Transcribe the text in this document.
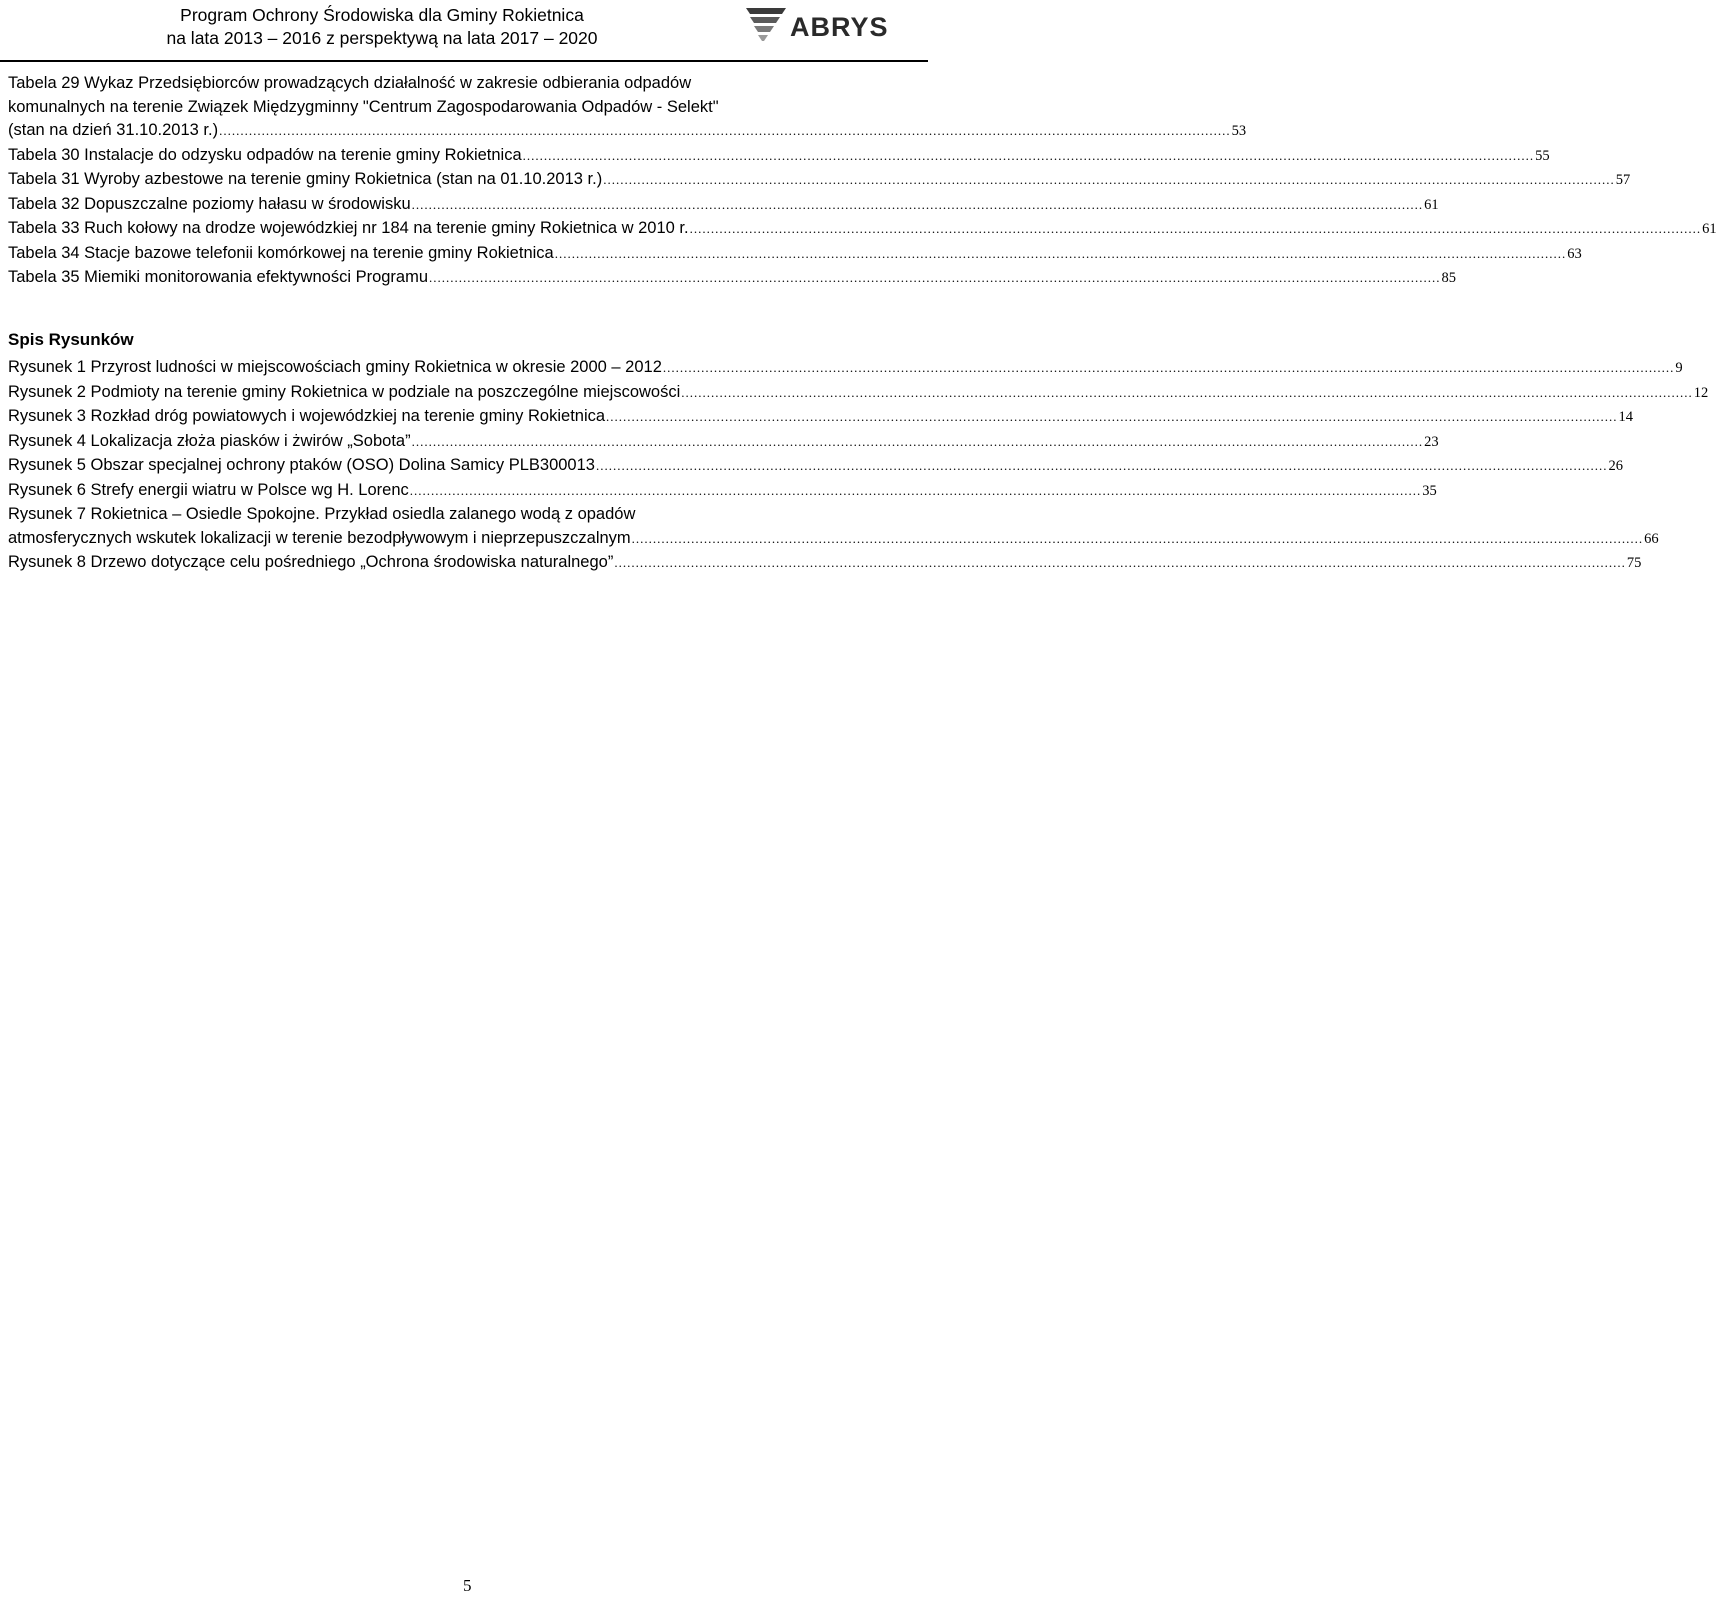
Program Ochrony Środowiska dla Gminy Rokietnica
na lata 2013 – 2016 z perspektywą na lata 2017 – 2020	ABRYS
Tabela 29 Wykaz Przedsiębiorców prowadzących działalność w zakresie odbierania odpadów
komunalnych na terenie Związek Międzygminny "Centrum Zagospodarowania Odpadów - Selekt"
(stan na dzień 31.10.2013 r.) .............................................................................................................................................................................................................................................. 53
Tabela 30 Instalacje do odzysku odpadów na terenie gminy Rokietnica .............................................................................................................................................................................................................................................. 55
Tabela 31 Wyroby azbestowe na terenie gminy Rokietnica (stan na 01.10.2013 r.) .............................................................................................................................................................................................................................................. 57
Tabela 32 Dopuszczalne poziomy hałasu w środowisku .............................................................................................................................................................................................................................................. 61
Tabela 33 Ruch kołowy na drodze wojewódzkiej nr 184 na terenie gminy Rokietnica w 2010 r. .............................................................................................................................................................................................................................................. 61
Tabela 34 Stacje bazowe telefonii komórkowej na terenie gminy Rokietnica .............................................................................................................................................................................................................................................. 63
Tabela 35 Miemiki monitorowania efektywności Programu .............................................................................................................................................................................................................................................. 85
Spis Rysunków
Rysunek 1 Przyrost ludności w miejscowościach gminy Rokietnica w okresie 2000 – 2012 .............................................................................................................................................................................................................................................. 9
Rysunek 2 Podmioty na terenie gminy Rokietnica w podziale na poszczególne miejscowości .............................................................................................................................................................................................................................................. 12
Rysunek 3 Rozkład dróg powiatowych i wojewódzkiej na terenie gminy Rokietnica .............................................................................................................................................................................................................................................. 14
Rysunek 4 Lokalizacja złoża piasków i żwirów „Sobota” .............................................................................................................................................................................................................................................. 23
Rysunek 5 Obszar specjalnej ochrony ptaków (OSO) Dolina Samicy PLB300013 .............................................................................................................................................................................................................................................. 26
Rysunek 6 Strefy energii wiatru w Polsce wg H. Lorenc .............................................................................................................................................................................................................................................. 35
Rysunek 7 Rokietnica – Osiedle Spokojne. Przykład osiedla zalanego wodą z opadów
atmosferycznych wskutek lokalizacji w terenie bezodpływowym i nieprzepuszczalnym .............................................................................................................................................................................................................................................. 66
Rysunek 8 Drzewo dotyczące celu pośredniego „Ochrona środowiska naturalnego” .............................................................................................................................................................................................................................................. 75
5
